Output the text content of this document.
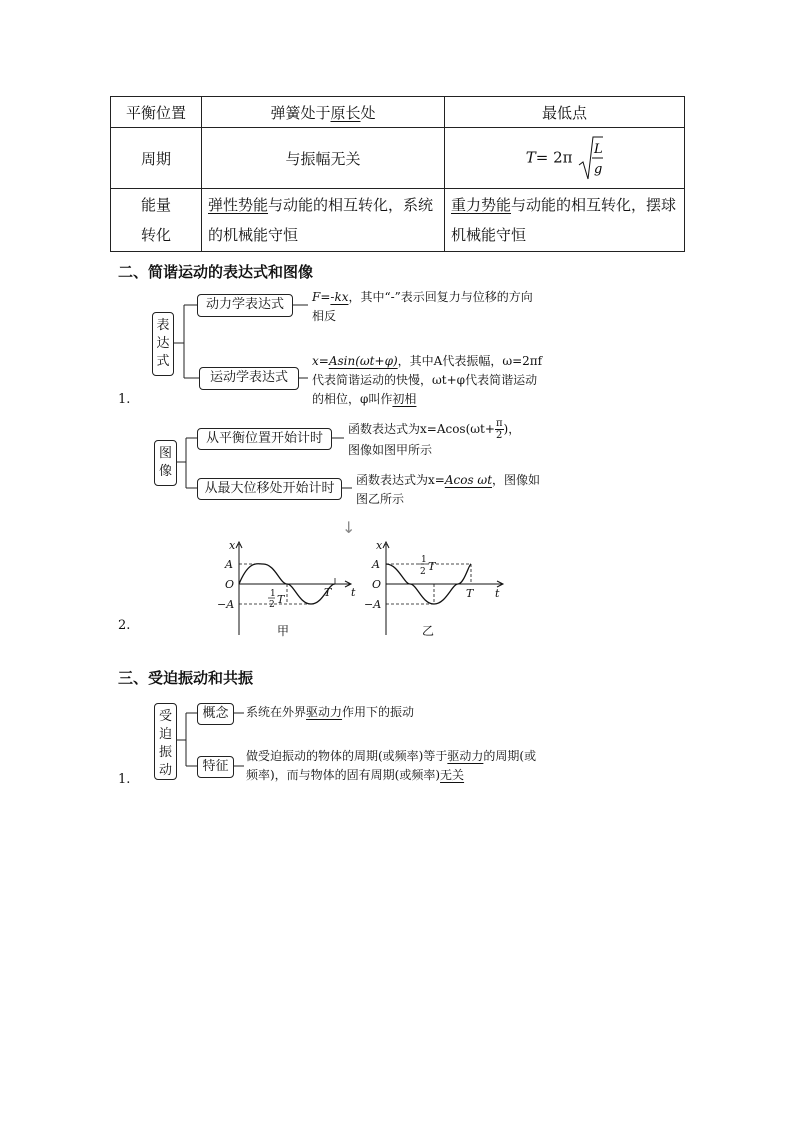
平衡位置	弹簧处于原长处	最低点
周期	与振幅无关	T= 2π L
g

能量
转化	弹性势能与动能的相互转化，系统的机械能守恒	重力势能与动能的相互转化，摆球机械能守恒
二、简谐运动的表达式和图像
表达式
动力学表达式	F=-kx，其中“-”表示回复力与位移的方向相反
运动学表达式
x=Asin(ωt+φ)，其中A代表振幅，ω=2πf代表简谐运动的快慢，ωt+φ代表简谐运动的相位，φ叫作初相
1.
图像
从平衡位置开始计时
函数表达式为$x=Acos(\omega t+ \frac{\pi}{2}$ )，
图像如图甲所示
从最大位移处开始计时
函数表达式为x=Acos ωt，图像如图乙所示
↓
x
A
O
−A
1
2 T
T t
甲
x
A
O
−A
1
2 T
T t
乙
2.
三、受迫振动和共振
受迫振动
概念	系统在外界驱动力作用下的振动
特征
做受迫振动的物体的周期(或频率)等于驱动力的周期(或频率)，而与物体的固有周期(或频率)无关
1.
